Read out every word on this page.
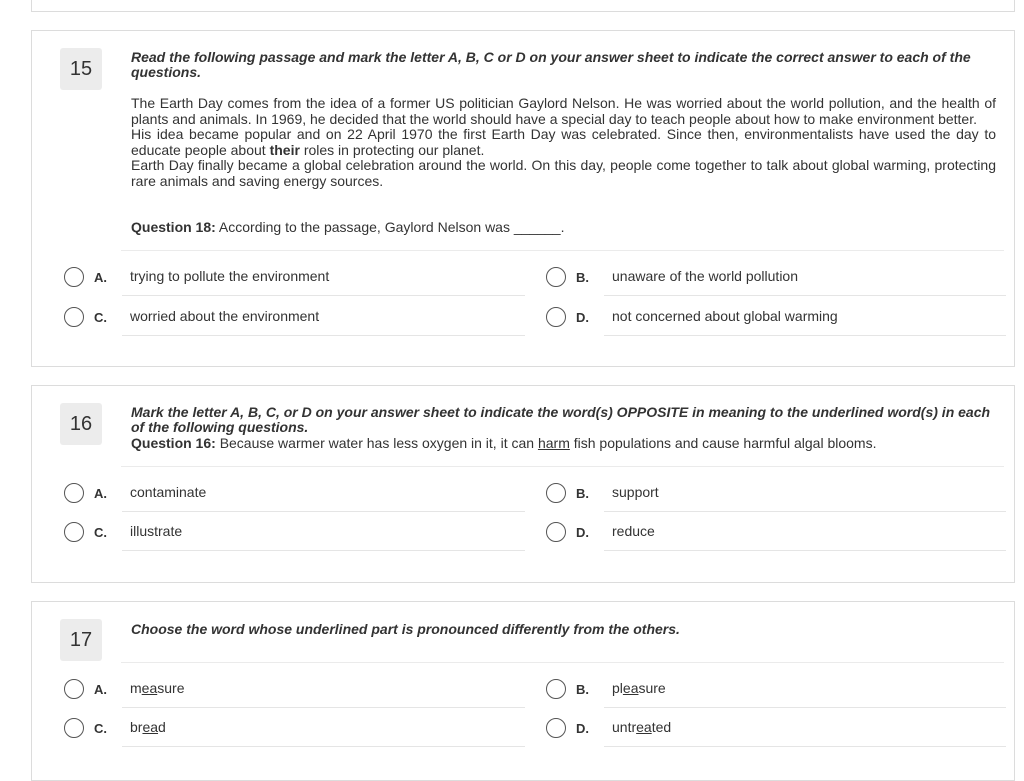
15
Read the following passage and mark the letter A, B, C or D on your answer sheet to indicate the correct answer to each of the questions.

The Earth Day comes from the idea of a former US politician Gaylord Nelson. He was worried about the world pollution, and the health of plants and animals. In 1969, he decided that the world should have a special day to teach people about how to make environment better.

His idea became popular and on 22 April 1970 the first Earth Day was celebrated. Since then, environmentalists have used the day to educate people about their roles in protecting our planet.

Earth Day finally became a global celebration around the world. On this day, people come together to talk about global warming, protecting rare animals and saving energy sources.

Question 18: According to the passage, Gaylord Nelson was ______.
A. trying to pollute the environment	B. unaware of the world pollution
C. worried about the environment	D. not concerned about global warming
16
Mark the letter A, B, C, or D on your answer sheet to indicate the word(s) OPPOSITE in meaning to the underlined word(s) in each of the following questions.
Question 16: Because warmer water has less oxygen in it, it can harm fish populations and cause harmful algal blooms.
A. contaminate	B. support
C. illustrate	D. reduce
17	Choose the word whose underlined part is pronounced differently from the others.
A. measure	B. pleasure
C. bread	D. untreated
